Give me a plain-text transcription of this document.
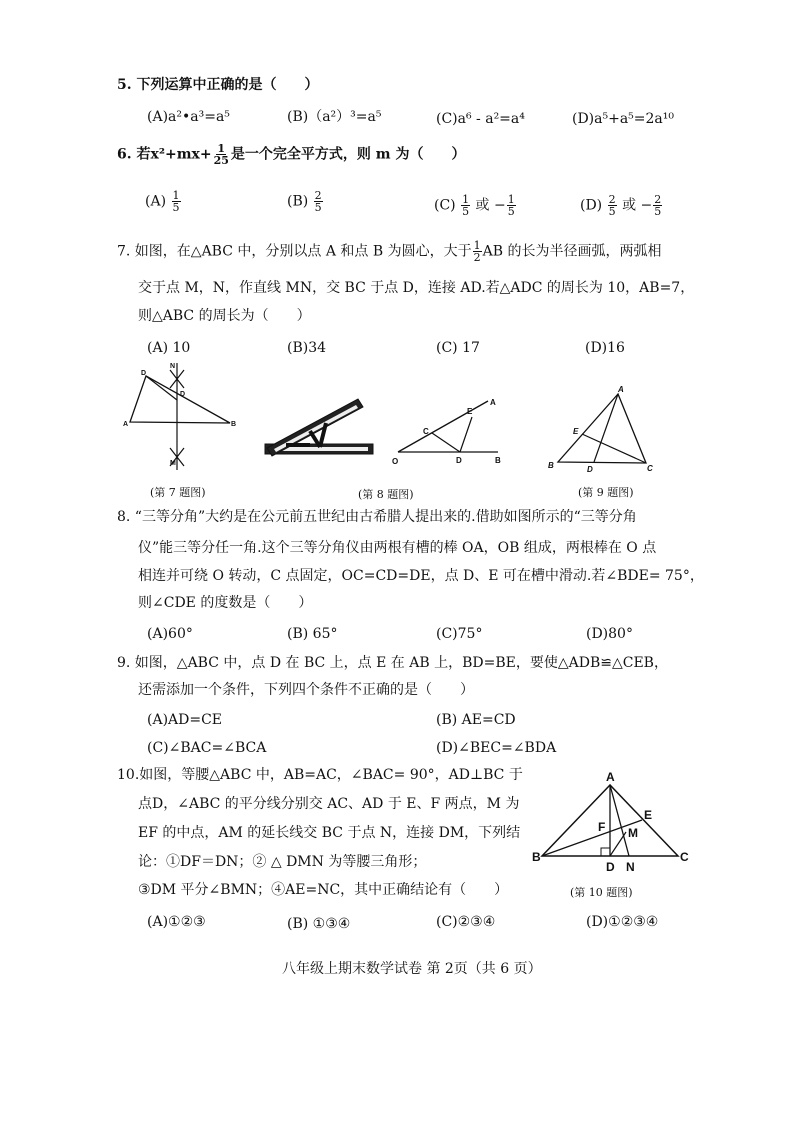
5. 下列运算中正确的是（　　）
(A)a²•a³=a⁵	(B)（a²）³=a⁵	(C)a⁶ - a²=a⁴	(D)a⁵+a⁵=2a¹⁰
6. 若$x^2+mx+ \frac{1}{25}$ 是一个完全平方式，则 m 为（　　）
$(A) \frac{1}{5}$	$(B) \frac{2}{5}$	$(C) \frac{1}{5}$ 或 − $\frac{1}{5}$	$(D) \frac{2}{5}$ 或 − $\frac{2}{5}$
7. 如图，在△ABC 中，分别以点 A 和点 B 为圆心，大于 $\frac{1}{2}$ AB 的长为半径画弧，两弧相
交于点 M，N，作直线 MN，交 BC 于点 D，连接 AD.若△ADC 的周长为 10，AB=7，
则△ABC 的周长为（　　）
(A) 10	(B)34	(C) 17	(D)16
N
D
D
A	B
M
(第 7 题图)	(第 8 题图)
A
E
C
O	D	B
A
E
B	D	C
(第 9 题图)
8. “三等分角”大约是在公元前五世纪由古希腊人提出来的.借助如图所示的“三等分角
仪”能三等分任一角.这个三等分角仪由两根有槽的棒 OA，OB 组成，两根棒在 O 点
相连并可绕 O 转动，C 点固定，OC=CD=DE，点 D、E 可在槽中滑动.若∠BDE= 75°，
则∠CDE 的度数是（　　）
(A)60°	(B) 65°	(C)75°	(D)80°
9. 如图，△ABC 中，点 D 在 BC 上，点 E 在 AB 上，BD=BE，要使△ADB≌△CEB，
还需添加一个条件，下列四个条件不正确的是（　　）
(A)AD=CE	(B) AE=CD
(C)∠BAC=∠BCA	(D)∠BEC=∠BDA
10.如图，等腰△ABC 中，AB=AC，∠BAC= 90°，AD⊥BC 于
点D，∠ABC 的平分线分别交 AC、AD 于 E、F 两点，M 为
EF 的中点，AM 的延长线交 BC 于点 N，连接 DM，下列结
论：①DF＝DN；② △ DMN 为等腰三角形；
③DM 平分∠BMN；④AE=NC，其中正确结论有（　　）
(A)①②③	(B) ①③④	(C)②③④	(D)①②③④
A
E
F M
B
D N
C
(第 10 题图)
八年级上期末数学试卷 第 2页（共 6 页）
